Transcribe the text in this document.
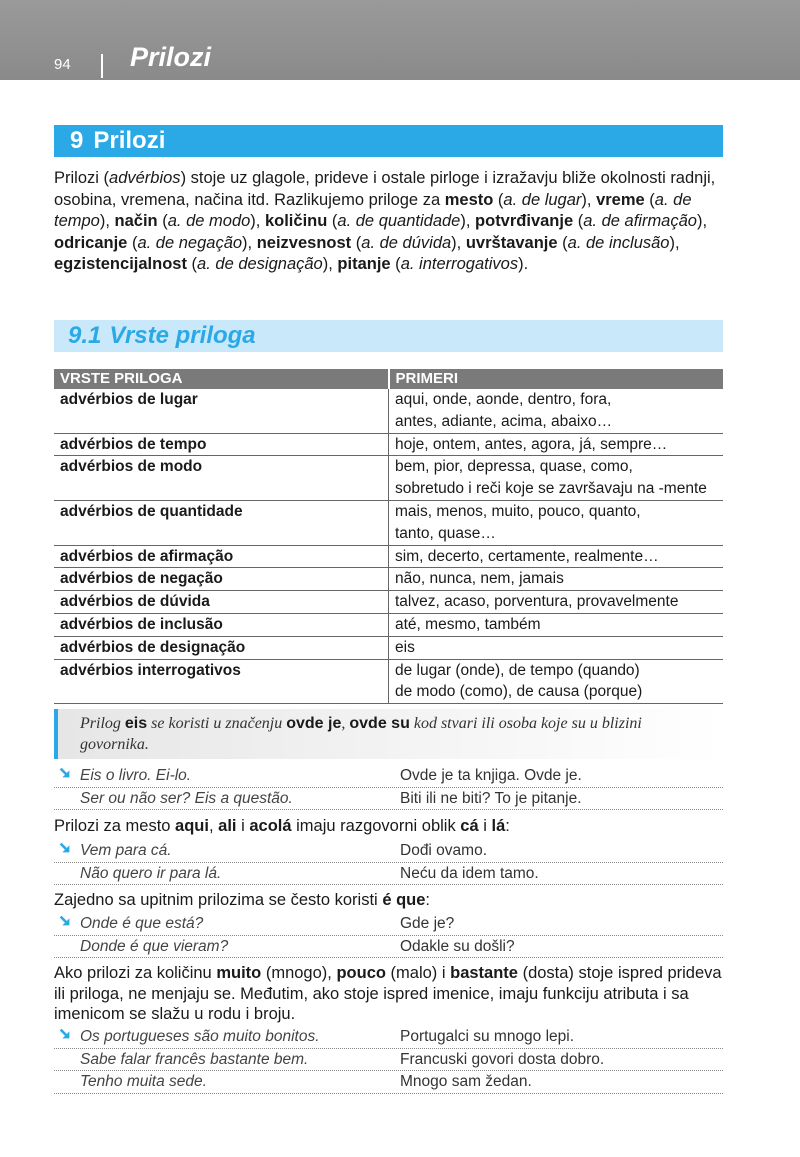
94 Prilozi
9 Prilozi

Prilozi (advérbios) stoje uz glagole, prideve i ostale pirloge i izražavju bliže okolnosti radnji, osobina, vremena, načina itd. Razlikujemo priloge za mesto (a. de lugar), vreme (a. de tempo), način (a. de modo), količinu (a. de quantidade), potvrđivanje (a. de afirmação), odricanje (a. de negação), neizvesnost (a. de dúvida), uvrštavanje (a. de inclusão), egzistencijalnost (a. de designação), pitanje (a. interrogativos).

9.1 Vrste priloga
VRSTE PRILOGA	PRIMERI
advérbios de lugar	aqui, onde, aonde, dentro, fora,
antes, adiante, acima, abaixo…

advérbios de tempo	hoje, ontem, antes, agora, já, sempre…

advérbios de modo	bem, pior, depressa, quase, como,
sobretudo i reči koje se završavaju na -mente

advérbios de quantidade	mais, menos, muito, pouco, quanto,
tanto, quase…

advérbios de afirmação	sim, decerto, certamente, realmente…

advérbios de negação	não, nunca, nem, jamais

advérbios de dúvida	talvez, acaso, porventura, provavelmente

advérbios de inclusão	até, mesmo, também

advérbios de designação	eis

advérbios interrogativos	de lugar (onde), de tempo (quando)
de modo (como), de causa (porque)
Prilog eis se koristi u značenju ovde je, ovde su kod stvari ili osoba koje su u blizini govornika.
Eis o livro. Ei-lo.	Ovde je ta knjiga. Ovde je.
Ser ou não ser? Eis a questão.	Biti ili ne biti? To je pitanje.

Prilozi za mesto aqui, ali i acolá imaju razgovorni oblik cá i lá:

Vem para cá.	Dođi ovamo.
Não quero ir para lá.	Neću da idem tamo.

Zajedno sa upitnim prilozima se često koristi é que:

Onde é que está?	Gde je?
Donde é que vieram?	Odakle su došli?

Ako prilozi za količinu muito (mnogo), pouco (malo) i bastante (dosta) stoje ispred prideva ili priloga, ne menjaju se. Međutim, ako stoje ispred imenice, imaju funkciju atributa i sa imenicom se slažu u rodu i broju.

Os portugueses são muito bonitos.	Portugalci su mnogo lepi.
Sabe falar francês bastante bem.	Francuski govori dosta dobro.
Tenho muita sede.	Mnogo sam žedan.
